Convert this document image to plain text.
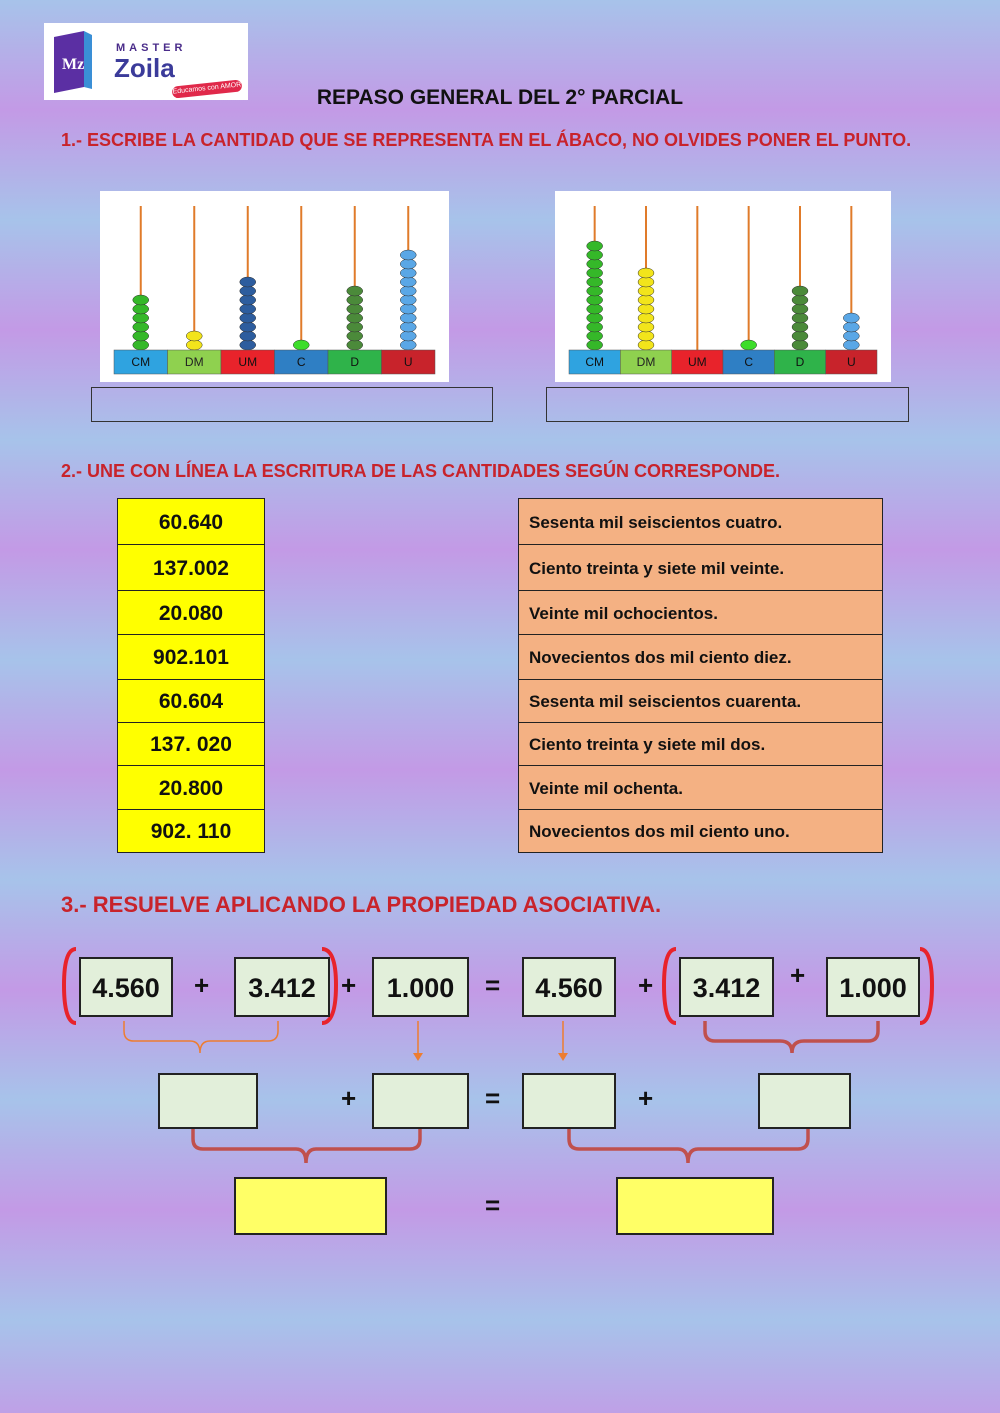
Mz
MASTER
Zoila
Educamos con AMOR	REPASO GENERAL DEL 2° PARCIAL
1.- ESCRIBE LA CANTIDAD QUE SE REPRESENTA EN EL ÁBACO, NO OLVIDES PONER EL PUNTO.
CM	DM	UM	C	D	U	CM	DM	UM	C	D	U
2.- UNE CON LÍNEA LA ESCRITURA DE LAS CANTIDADES SEGÚN CORRESPONDE.
60.640
137.002
20.080
902.101
60.604
137. 020
20.800
902. 110
Sesenta mil seiscientos cuatro.
Ciento treinta y siete mil veinte.
Veinte mil ochocientos.
Novecientos dos mil ciento diez.
Sesenta mil seiscientos cuarenta.
Ciento treinta y siete mil dos.
Veinte mil ochenta.
Novecientos dos mil ciento uno.
3.- RESUELVE APLICANDO LA PROPIEDAD ASOCIATIVA.
4.560	+	3.412 +	1.000	=	4.560	+	3.412	+	1.000
+	=	+
=
